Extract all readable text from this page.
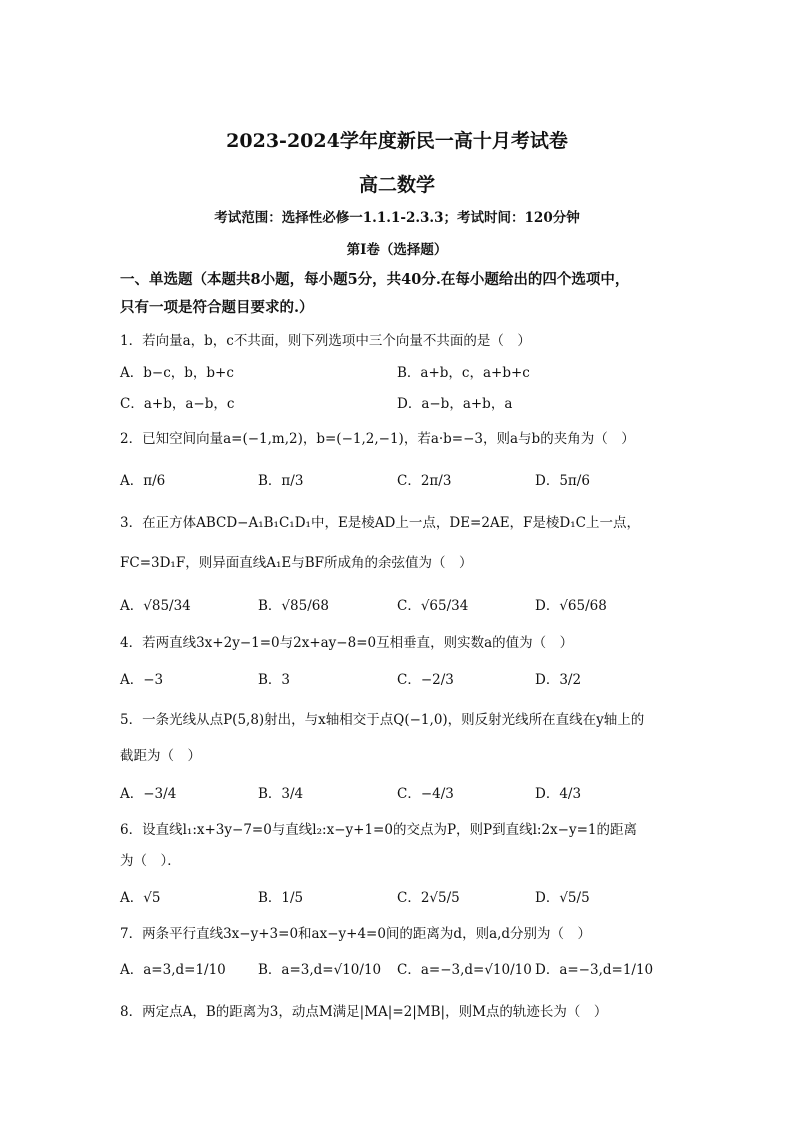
2023-2024学年度新民一高十月考试卷
高二数学
考试范围：选择性必修一1.1.1-2.3.3；考试时间：120分钟
第I卷（选择题）
一、单选题（本题共8小题，每小题5分，共40分.在每小题给出的四个选项中，
只有一项是符合题目要求的.）
1．若向量a，b，c不共面，则下列选项中三个向量不共面的是（　）
A．b−c，b，b+c	B．a+b，c，a+b+c
C．a+b，a−b，c	D．a−b，a+b，a
2．已知空间向量a=(−1,m,2)，b=(−1,2,−1)，若a·b=−3，则a与b的夹角为（　）
A．π/6	B．π/3	C．2π/3	D．5π/6
3．在正方体ABCD−A₁B₁C₁D₁中，E是棱AD上一点，DE=2AE，F是棱D₁C上一点，
FC=3D₁F，则异面直线A₁E与BF所成角的余弦值为（　）
A．√85/34	B．√85/68	C．√65/34	D．√65/68
4．若两直线3x+2y−1=0与2x+ay−8=0互相垂直，则实数a的值为（　）
A．−3	B．3	C．−2/3	D．3/2
5．一条光线从点P(5,8)射出，与x轴相交于点Q(−1,0)，则反射光线所在直线在y轴上的
截距为（　）
A．−3/4	B．3/4	C．−4/3	D．4/3
6．设直线l₁:x+3y−7=0与直线l₂:x−y+1=0的交点为P，则P到直线l:2x−y=1的距离
为（　）．
A．√5	B．1/5	C．2√5/5	D．√5/5
7．两条平行直线3x−y+3=0和ax−y+4=0间的距离为d，则a,d分别为（　）
A．a=3,d=1/10 B．a=3,d=√10/10 C．a=−3,d=√10/10 D．a=−3,d=1/10
8．两定点A，B的距离为3，动点M满足|MA|=2|MB|，则M点的轨迹长为（　）
